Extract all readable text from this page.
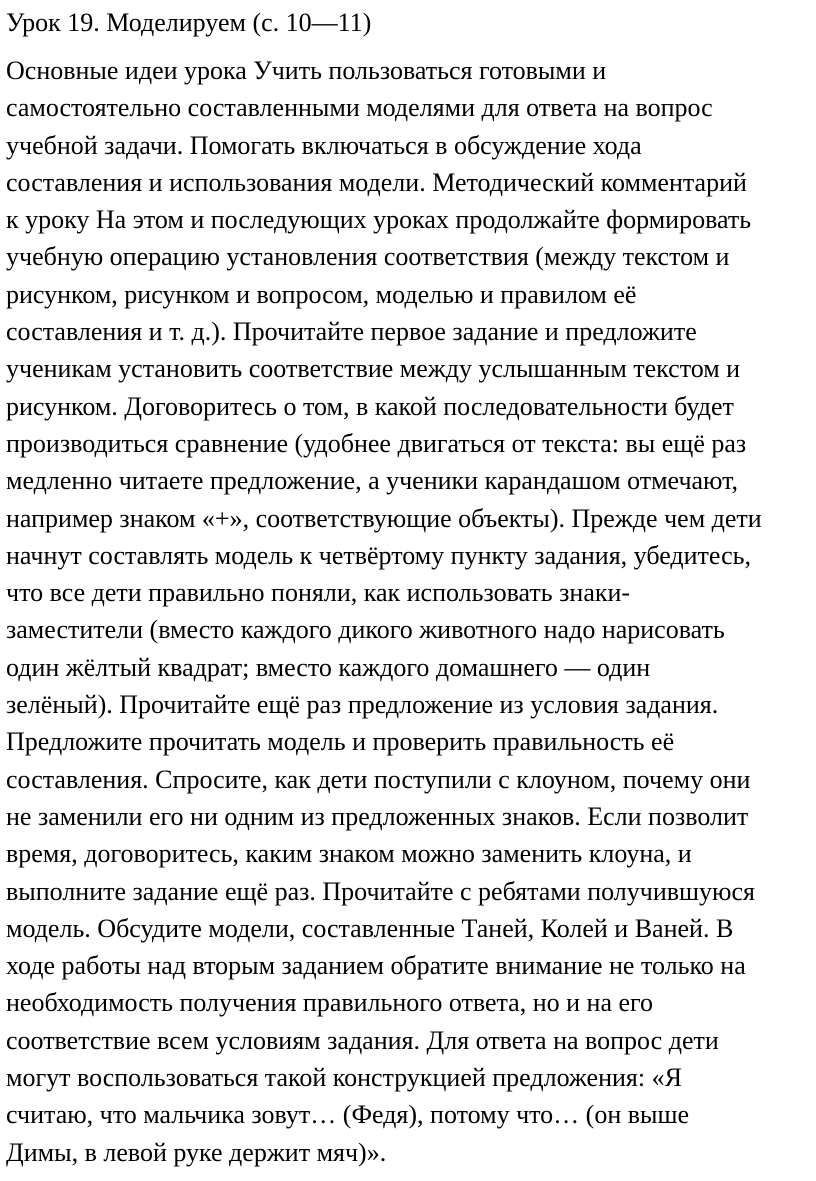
Урок 19. Моделируем (с. 10—11)
Основные идеи урока Учить пользоваться готовыми и
самостоятельно составленными моделями для ответа на вопрос
учебной задачи. Помогать включаться в обсуждение хода
составления и использования модели. Методический комментарий
к уроку На этом и последующих уроках продолжайте формировать
учебную операцию установления соответствия (между текстом и
рисунком, рисунком и вопросом, моделью и правилом её
составления и т. д.). Прочитайте первое задание и предложите
ученикам установить соответствие между услышанным текстом и
рисунком. Договоритесь о том, в какой последовательности будет
производиться сравнение (удобнее двигаться от текста: вы ещё раз
медленно читаете предложение, а ученики карандашом отмечают,
например знаком «+», соответствующие объекты). Прежде чем дети
начнут составлять модель к четвёртому пункту задания, убедитесь,
что все дети правильно поняли, как использовать знаки-
заместители (вместо каждого дикого животного надо нарисовать
один жёлтый квадрат; вместо каждого домашнего — один
зелёный). Прочитайте ещё раз предложение из условия задания.
Предложите прочитать модель и проверить правильность её
составления. Спросите, как дети поступили с клоуном, почему они
не заменили его ни одним из предложенных знаков. Если позволит
время, договоритесь, каким знаком можно заменить клоуна, и
выполните задание ещё раз. Прочитайте с ребятами получившуюся
модель. Обсудите модели, составленные Таней, Колей и Ваней. В
ходе работы над вторым заданием обратите внимание не только на
необходимость получения правильного ответа, но и на его
соответствие всем условиям задания. Для ответа на вопрос дети
могут воспользоваться такой конструкцией предложения: «Я
считаю, что мальчика зовут… (Федя), потому что… (он выше
Димы, в левой руке держит мяч)».
